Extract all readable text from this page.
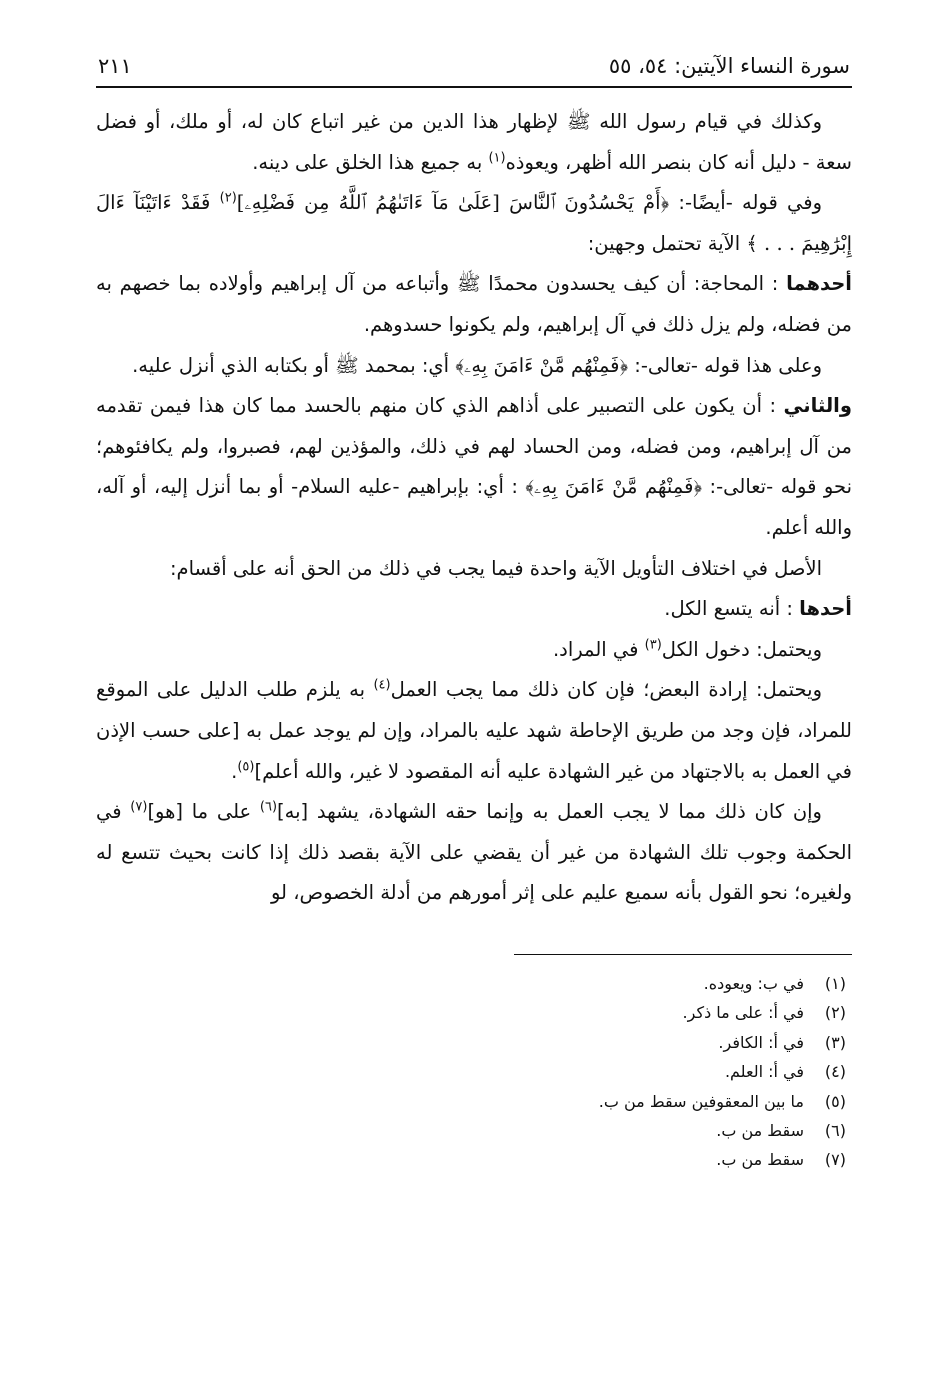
سورة النساء الآيتين: ٥٤، ٥٥
٢١١

وكذلك في قيام رسول الله ﷺ لإظهار هذا الدين من غير اتباع كان له، أو ملك، أو فضل سعة - دليل أنه كان بنصر الله أظهر، ويعوذه$^{(١)}$ به جميع هذا الخلق على دينه.

وفي قوله -أيضًا-: ﴿أَمْ يَحْسُدُونَ ٱلنَّاسَ [عَلَىٰ مَآ ءَاتَىٰهُمُ ٱللَّهُ مِن فَضْلِهِۦ]$^{(٢)}$ فَقَدْ ءَاتَيْنَآ ءَالَ إِبْرَٰهِيمَ . . . ﴾ الآية تحتمل وجهين:

أحدهما : المحاجة: أن كيف يحسدون محمدًا ﷺ وأتباعه من آل إبراهيم وأولاده بما خصهم به من فضله، ولم يزل ذلك في آل إبراهيم، ولم يكونوا حسدوهم.

وعلى هذا قوله -تعالى-: ﴿فَمِنْهُم مَّنْ ءَامَنَ بِهِۦ﴾ أي: بمحمد ﷺ أو بكتابه الذي أنزل عليه.

والثاني : أن يكون على التصبير على أذاهم الذي كان منهم بالحسد مما كان هذا فيمن تقدمه من آل إبراهيم، ومن فضله، ومن الحساد لهم في ذلك، والمؤذين لهم، فصبروا، ولم يكافئوهم؛ نحو قوله -تعالى-: ﴿فَمِنْهُم مَّنْ ءَامَنَ بِهِۦ﴾ : أي: بإبراهيم -عليه السلام- أو بما أنزل إليه، أو آله، والله أعلم.

الأصل في اختلاف التأويل الآية واحدة فيما يجب في ذلك من الحق أنه على أقسام:

أحدها : أنه يتسع الكل.

ويحتمل: دخول الكل$^{(٣)}$ في المراد.

ويحتمل: إرادة البعض؛ فإن كان ذلك مما يجب العمل$^{(٤)}$ به يلزم طلب الدليل على الموقع للمراد، فإن وجد من طريق الإحاطة شهد عليه بالمراد، وإن لم يوجد عمل به [على حسب الإذن في العمل به بالاجتهاد من غير الشهادة عليه أنه المقصود لا غير، والله أعلم]$^{(٥)}$.

وإن كان ذلك مما لا يجب العمل به وإنما حقه الشهادة، يشهد [به]$^{(٦)}$ على ما [هو]$^{(٧)}$ في الحكمة وجوب تلك الشهادة من غير أن يقضي على الآية بقصد ذلك إذا كانت بحيث تتسع له ولغيره؛ نحو القول بأنه سميع عليم على إثر أمورهم من أدلة الخصوص، لو

(١)
في ب: ويعوده.
(٢)
في أ: على ما ذكر.
(٣)
في أ: الكافر.
(٤)
في أ: العلم.
(٥)
ما بين المعقوفين سقط من ب.
(٦)
سقط من ب.
(٧)
سقط من ب.
